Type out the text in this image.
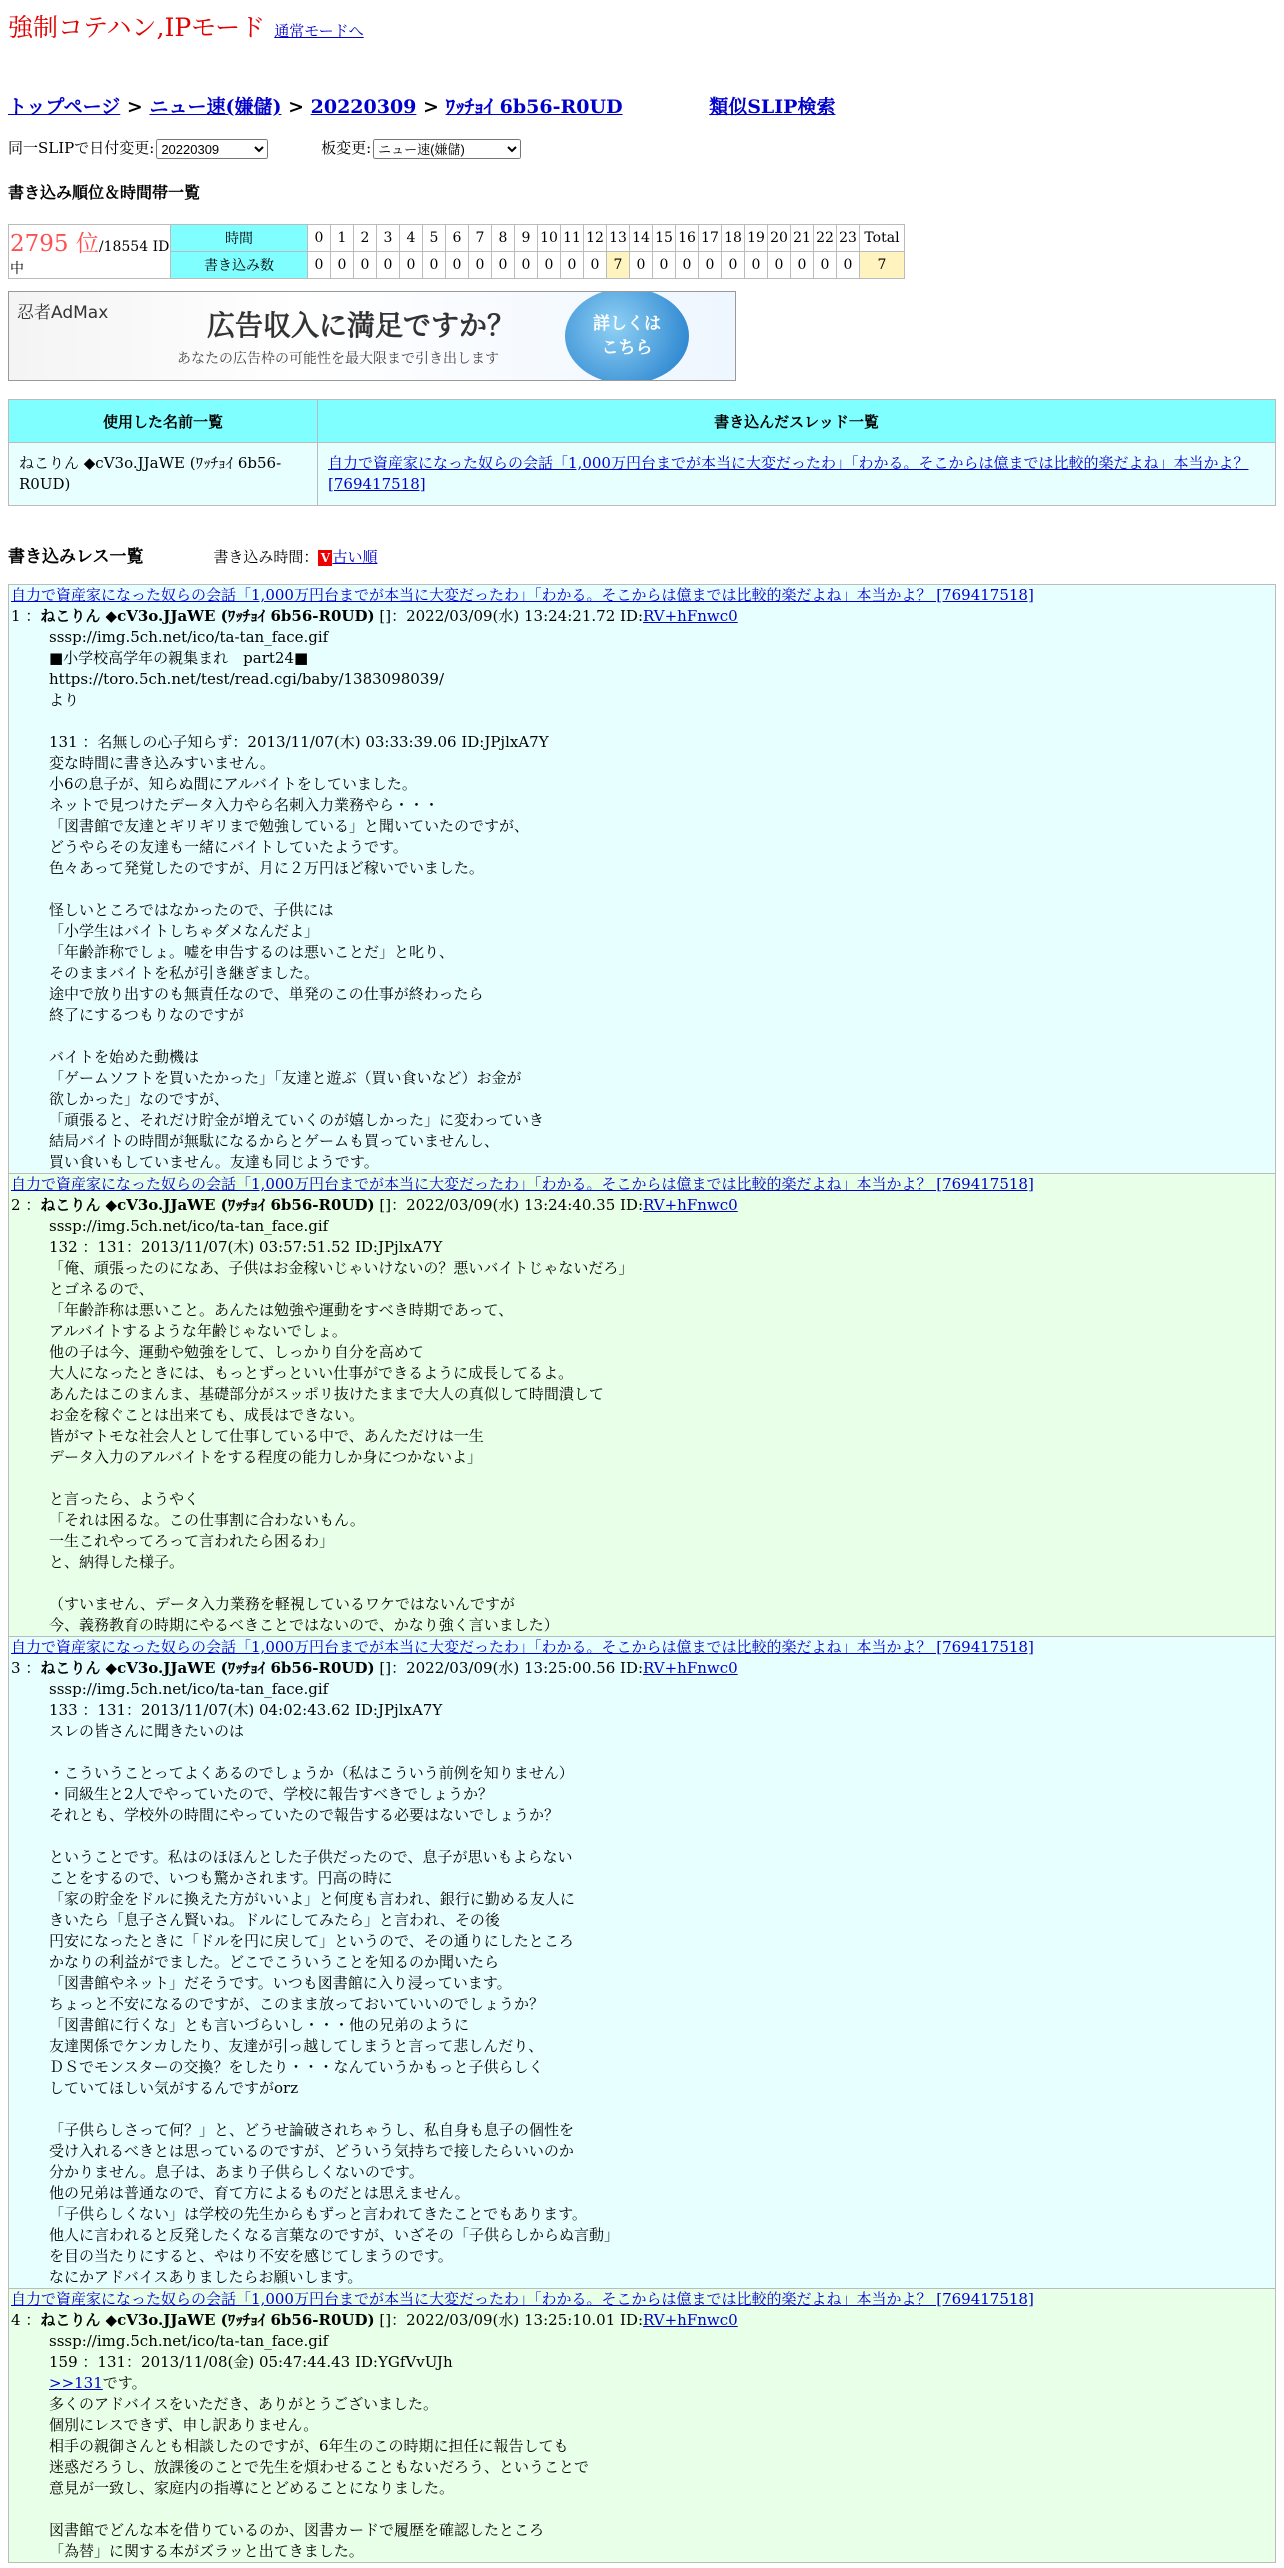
強制コテハン,IPモード 通常モードへ
トップページ > ニュー速(嫌儲) > 20220309 > ﾜｯﾁｮｲ 6b56-R0UD	類似SLIP検索
同一SLIPで日付変更:
20220309	板変更:
ニュー速(嫌儲)
書き込み順位＆時間帯一覧
2795 位/18554 ID中	時間	0	1	2	3	4	5	6	7	8	9	10	11	12	13	14	15	16	17	18	19	20	21	22	23	Total
	書き込み数	0	0	0	0	0	0	0	0	0	0	0	0	0	7	0	0	0	0	0	0	0	0	0	0	7
忍者AdMax	広告収入に満足ですか？
あなたの広告枠の可能性を最大限まで引き出します
詳しくは
こちら
使用した名前一覧	書き込んだスレッド一覧
ねこりん ◆cV3o.JJaWE (ﾜｯﾁｮｲ 6b56-R0UD)	自力で資産家になった奴らの会話「1,000万円台までが本当に大変だったわ」「わかる。そこからは億までは比較的楽だよね」本当かよ？ [769417518]
書き込みレス一覧	書き込み時間： V 古い順
自力で資産家になった奴らの会話「1,000万円台までが本当に大変だったわ」「わかる。そこからは億までは比較的楽だよね」本当かよ？ [769417518]
1 ：ねこりん ◆cV3o.JJaWE (ﾜｯﾁｮｲ 6b56-R0UD) []：2022/03/09(水) 13:24:21.72 ID:RV+hFnwc0
sssp://img.5ch.net/ico/ta-tan_face.gif
■小学校高学年の親集まれ　part24■
https://toro.5ch.net/test/read.cgi/baby/1383098039/
より
131 ：名無しの心子知らず：2013/11/07(木) 03:33:39.06 ID:JPjlxA7Y
変な時間に書き込みすいません。
小6の息子が、知らぬ間にアルバイトをしていました。
ネットで見つけたデータ入力やら名刺入力業務やら・・・
「図書館で友達とギリギリまで勉強している」と聞いていたのですが、
どうやらその友達も一緒にバイトしていたようです。
色々あって発覚したのですが、月に２万円ほど稼いでいました。
怪しいところではなかったので、子供には
「小学生はバイトしちゃダメなんだよ」
「年齢詐称でしょ。嘘を申告するのは悪いことだ」と叱り、
そのままバイトを私が引き継ぎました。
途中で放り出すのも無責任なので、単発のこの仕事が終わったら
終了にするつもりなのですが
バイトを始めた動機は
「ゲームソフトを買いたかった」「友達と遊ぶ（買い食いなど）お金が
欲しかった」なのですが、
「頑張ると、それだけ貯金が増えていくのが嬉しかった」に変わっていき
結局バイトの時間が無駄になるからとゲームも買っていませんし、
買い食いもしていません。友達も同じようです。
自力で資産家になった奴らの会話「1,000万円台までが本当に大変だったわ」「わかる。そこからは億までは比較的楽だよね」本当かよ？ [769417518]
2 ：ねこりん ◆cV3o.JJaWE (ﾜｯﾁｮｲ 6b56-R0UD) []：2022/03/09(水) 13:24:40.35 ID:RV+hFnwc0
sssp://img.5ch.net/ico/ta-tan_face.gif
132 ：131：2013/11/07(木) 03:57:51.52 ID:JPjlxA7Y
「俺、頑張ったのになあ、子供はお金稼いじゃいけないの？悪いバイトじゃないだろ」
とゴネるので、
「年齢詐称は悪いこと。あんたは勉強や運動をすべき時期であって、
アルバイトするような年齢じゃないでしょ。
他の子は今、運動や勉強をして、しっかり自分を高めて
大人になったときには、もっとずっといい仕事ができるように成長してるよ。
あんたはこのまんま、基礎部分がスッポリ抜けたままで大人の真似して時間潰して
お金を稼ぐことは出来ても、成長はできない。
皆がマトモな社会人として仕事している中で、あんただけは一生
データ入力のアルバイトをする程度の能力しか身につかないよ」
と言ったら、ようやく
「それは困るな。この仕事割に合わないもん。
一生これやってろって言われたら困るわ」
と、納得した様子。
（すいません、データ入力業務を軽視しているワケではないんですが
今、義務教育の時期にやるべきことではないので、かなり強く言いました）
自力で資産家になった奴らの会話「1,000万円台までが本当に大変だったわ」「わかる。そこからは億までは比較的楽だよね」本当かよ？ [769417518]
3 ：ねこりん ◆cV3o.JJaWE (ﾜｯﾁｮｲ 6b56-R0UD) []：2022/03/09(水) 13:25:00.56 ID:RV+hFnwc0
sssp://img.5ch.net/ico/ta-tan_face.gif
133 ：131：2013/11/07(木) 04:02:43.62 ID:JPjlxA7Y
スレの皆さんに聞きたいのは
・こういうことってよくあるのでしょうか（私はこういう前例を知りません）
・同級生と2人でやっていたので、学校に報告すべきでしょうか？
それとも、学校外の時間にやっていたので報告する必要はないでしょうか？
ということです。私はのほほんとした子供だったので、息子が思いもよらない
ことをするので、いつも驚かされます。円高の時に
「家の貯金をドルに換えた方がいいよ」と何度も言われ、銀行に勤める友人に
きいたら「息子さん賢いね。ドルにしてみたら」と言われ、その後
円安になったときに「ドルを円に戻して」というので、その通りにしたところ
かなりの利益がでました。どこでこういうことを知るのか聞いたら
「図書館やネット」だそうです。いつも図書館に入り浸っています。
ちょっと不安になるのですが、このまま放っておいていいのでしょうか？
「図書館に行くな」とも言いづらいし・・・他の兄弟のように
友達関係でケンカしたり、友達が引っ越してしまうと言って悲しんだり、
ＤＳでモンスターの交換？をしたり・・・なんていうかもっと子供らしく
していてほしい気がするんですがorz
「子供らしさって何？」と、どうせ論破されちゃうし、私自身も息子の個性を
受け入れるべきとは思っているのですが、どういう気持ちで接したらいいのか
分かりません。息子は、あまり子供らしくないのです。
他の兄弟は普通なので、育て方によるものだとは思えません。
「子供らしくない」は学校の先生からもずっと言われてきたことでもあります。
他人に言われると反発したくなる言葉なのですが、いざその「子供らしからぬ言動」
を目の当たりにすると、やはり不安を感じてしまうのです。
なにかアドバイスありましたらお願いします。
自力で資産家になった奴らの会話「1,000万円台までが本当に大変だったわ」「わかる。そこからは億までは比較的楽だよね」本当かよ？ [769417518]
4 ：ねこりん ◆cV3o.JJaWE (ﾜｯﾁｮｲ 6b56-R0UD) []：2022/03/09(水) 13:25:10.01 ID:RV+hFnwc0
sssp://img.5ch.net/ico/ta-tan_face.gif
159 ：131：2013/11/08(金) 05:47:44.43 ID:YGfVvUJh
>>131です。
多くのアドバイスをいただき、ありがとうございました。
個別にレスできず、申し訳ありません。
相手の親御さんとも相談したのですが、6年生のこの時期に担任に報告しても
迷惑だろうし、放課後のことで先生を煩わせることもないだろう、ということで
意見が一致し、家庭内の指導にとどめることになりました。
図書館でどんな本を借りているのか、図書カードで履歴を確認したところ
「為替」に関する本がズラッと出てきました。
